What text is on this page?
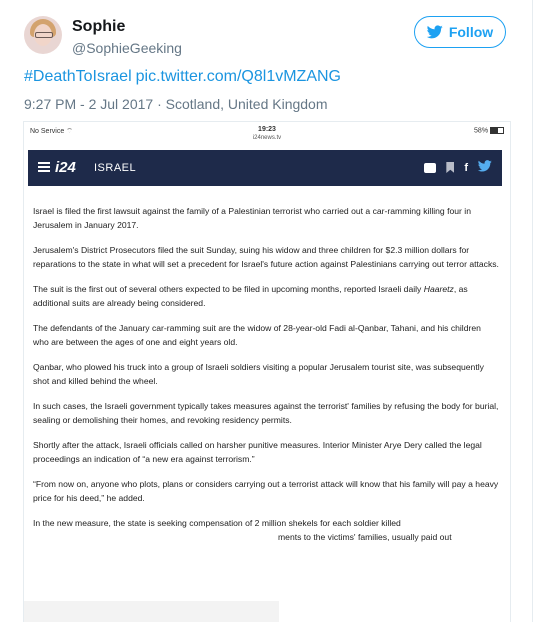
Sophie
@SophieGeeking
Follow
#DeathToIsrael pic.twitter.com/Q8l1vMZANG
9:27 PM - 2 Jul 2017 · Scotland, United Kingdom
No Service ⌔	19:23
i24news.tv
58%
i24 ISRAEL	f

Israel is filed the first lawsuit against the family of a Palestinian terrorist who carried out a car-ramming killing four in Jerusalem in January 2017.

Jerusalem's District Prosecutors filed the suit Sunday, suing his widow and three children for $2.3 million dollars for reparations to the state in what will set a precedent for Israel's future action against Palestinians carrying out terror attacks.

The suit is the first out of several others expected to be filed in upcoming months, reported Israeli daily Haaretz, as additional suits are already being considered.

The defendants of the January car-ramming suit are the widow of 28-year-old Fadi al-Qanbar, Tahani, and his children who are between the ages of one and eight years old.

Qanbar, who plowed his truck into a group of Israeli soldiers visiting a popular Jerusalem tourist site, was subsequently shot and killed behind the wheel.

In such cases, the Israeli government typically takes measures against the terrorist' families by refusing the body for burial, sealing or demolishing their homes, and revoking residency permits.

Shortly after the attack, Israeli officials called on harsher punitive measures. Interior Minister Arye Dery called the legal proceedings an indication of “a new era against terrorism.”

“From now on, anyone who plots, plans or considers carrying out a terrorist attack will know that his family will pay a heavy price for his deed,” he added.

In the new measure, the state is seeking compensation of 2 million shekels for each soldier killed
ments to the victims' families, usually paid out
